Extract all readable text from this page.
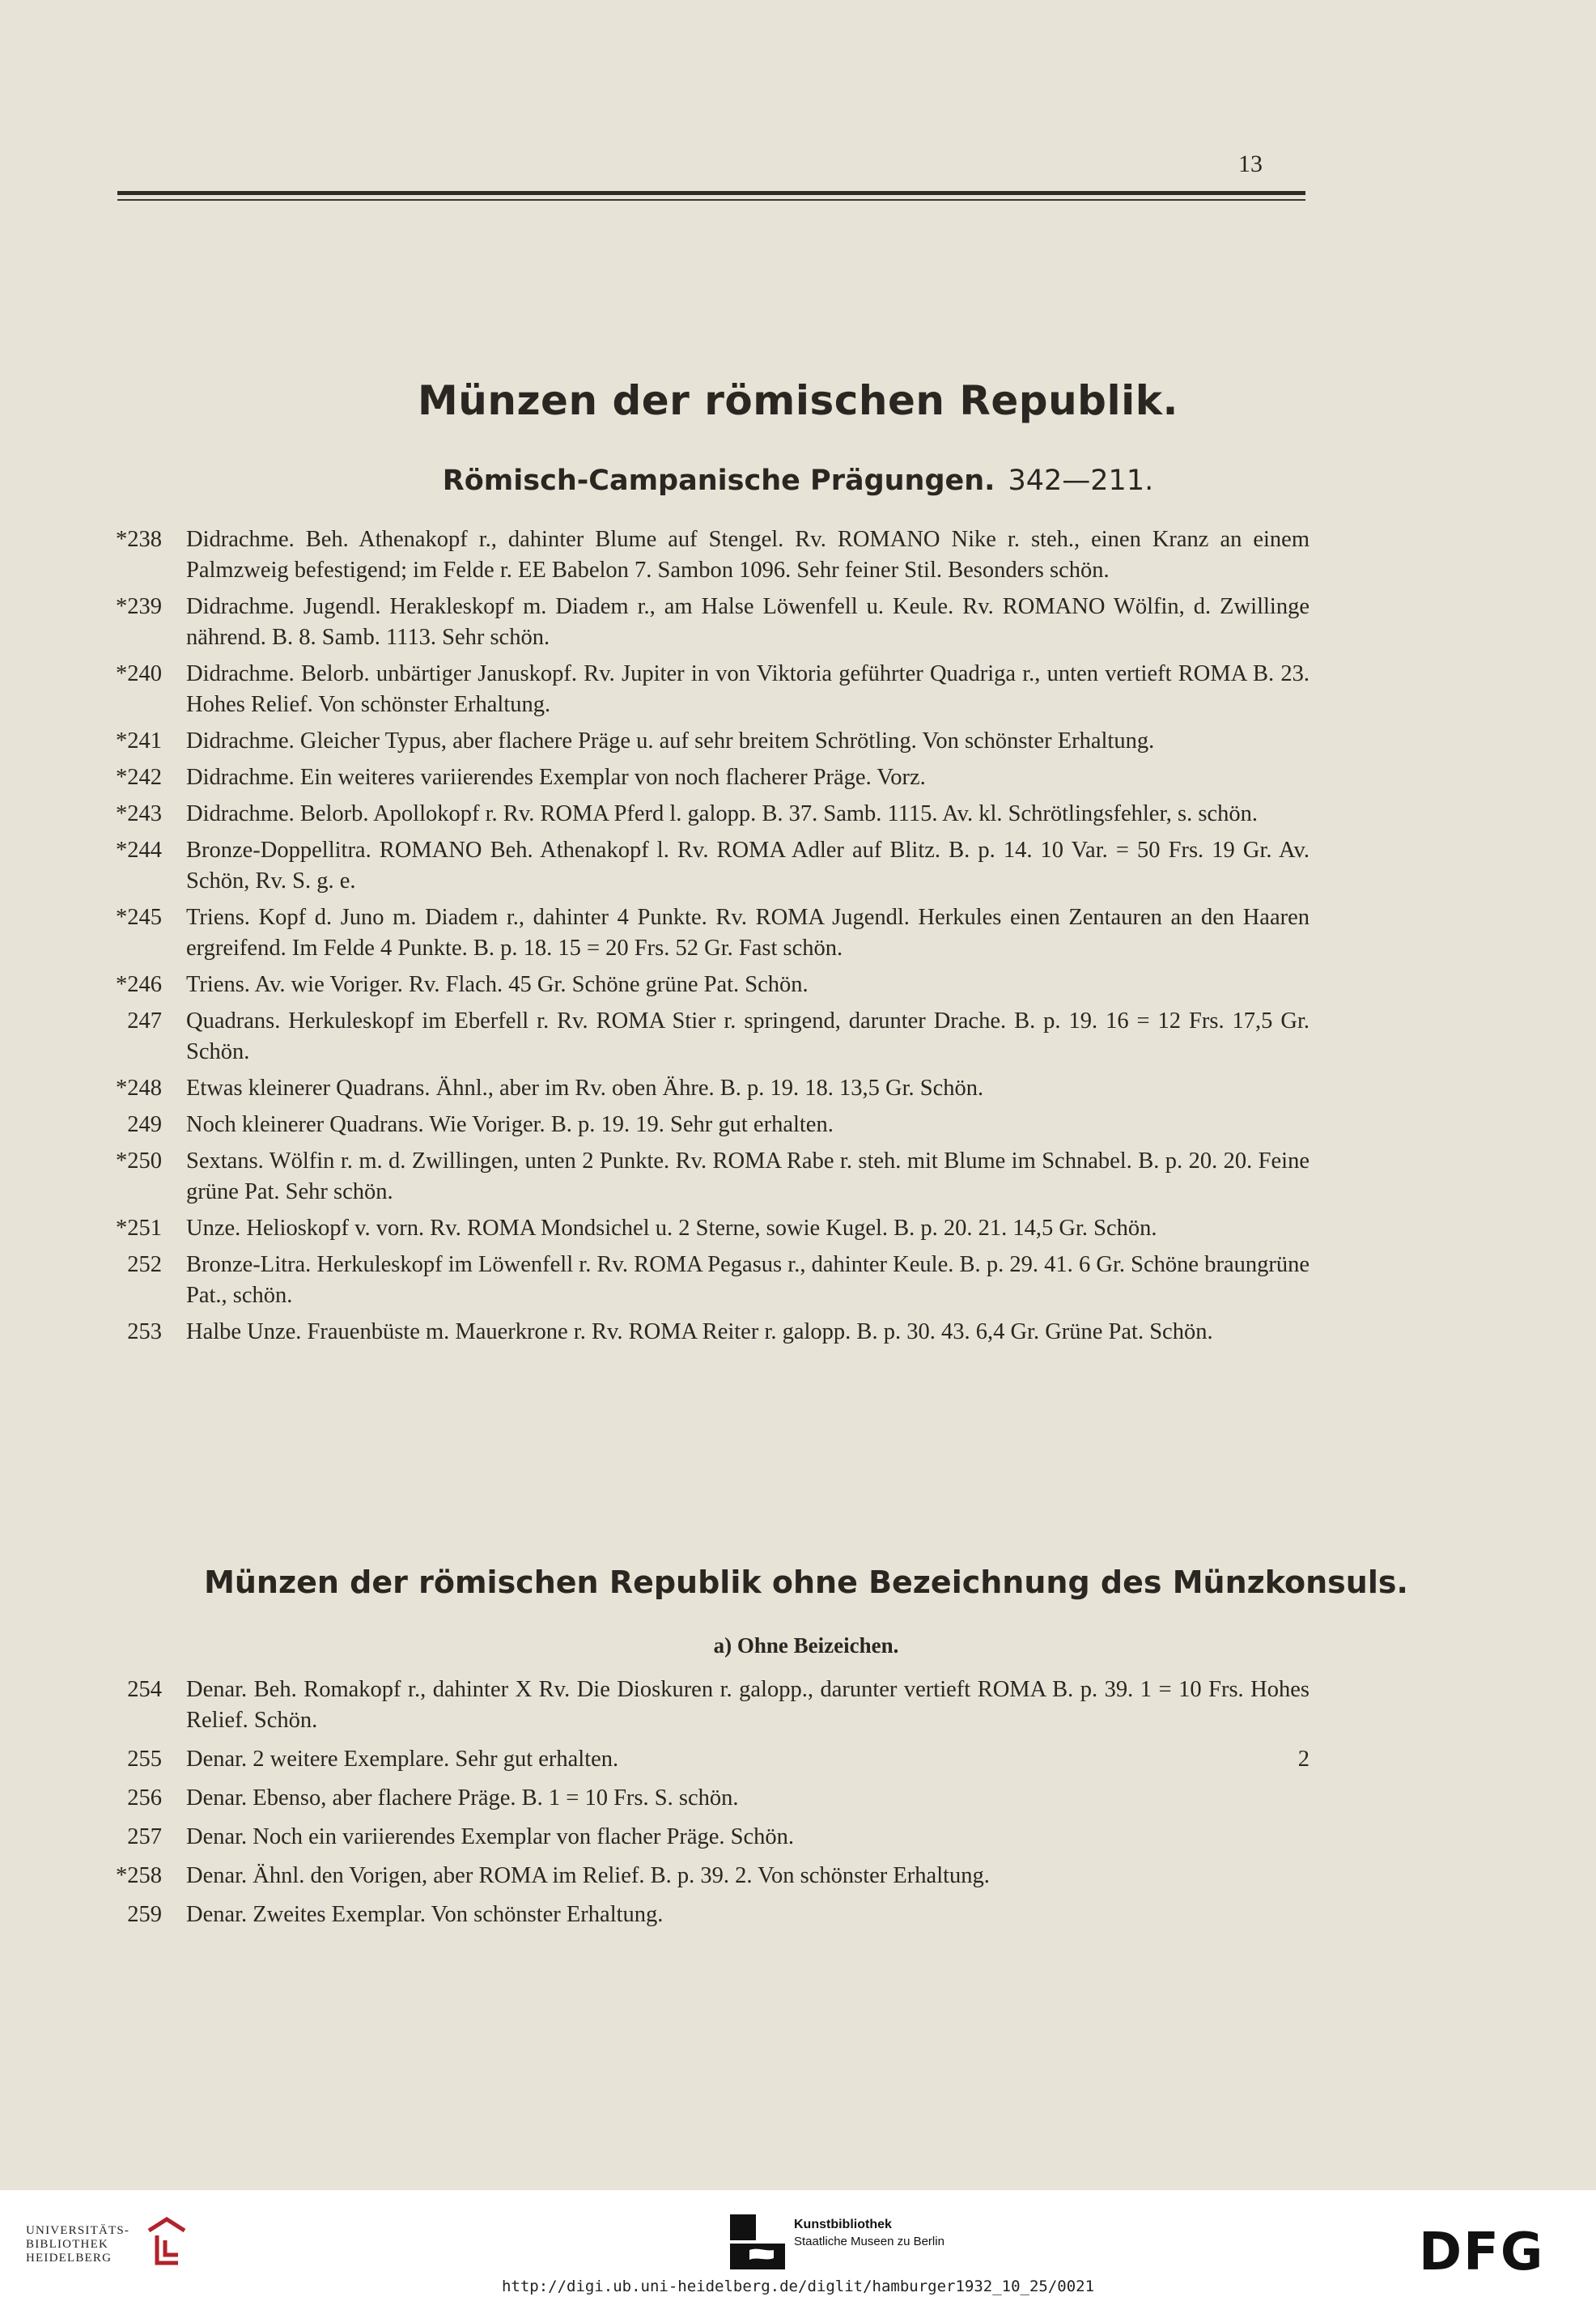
13
Münzen der römischen Republik.
Römisch-Campanische Prägungen. 342—211.
*238 Didrachme. Beh. Athenakopf r., dahinter Blume auf Stengel. Rv. ROMANO Nike r. steh., einen Kranz an einem Palmzweig befestigend; im Felde r. EE Babelon 7. Sambon 1096. Sehr feiner Stil. Besonders schön.
*239 Didrachme. Jugendl. Herakleskopf m. Diadem r., am Halse Löwenfell u. Keule. Rv. ROMANO Wölfin, d. Zwillinge nährend. B. 8. Samb. 1113. Sehr schön.
*240 Didrachme. Belorb. unbärtiger Januskopf. Rv. Jupiter in von Viktoria geführter Quadriga r., unten vertieft ROMA B. 23. Hohes Relief. Von schönster Erhaltung.
*241 Didrachme. Gleicher Typus, aber flachere Präge u. auf sehr breitem Schrötling. Von schönster Erhaltung.
*242 Didrachme. Ein weiteres variierendes Exemplar von noch flacherer Präge. Vorz.
*243 Didrachme. Belorb. Apollokopf r. Rv. ROMA Pferd l. galopp. B. 37. Samb. 1115. Av. kl. Schrötlingsfehler, s. schön.
*244 Bronze-Doppellitra. ROMANO Beh. Athenakopf l. Rv. ROMA Adler auf Blitz. B. p. 14. 10 Var. = 50 Frs. 19 Gr. Av. Schön, Rv. S. g. e.
*245 Triens. Kopf d. Juno m. Diadem r., dahinter 4 Punkte. Rv. ROMA Jugendl. Herkules einen Zentauren an den Haaren ergreifend. Im Felde 4 Punkte. B. p. 18. 15 = 20 Frs. 52 Gr. Fast schön.
*246 Triens. Av. wie Voriger. Rv. Flach. 45 Gr. Schöne grüne Pat. Schön.
247 Quadrans. Herkuleskopf im Eberfell r. Rv. ROMA Stier r. springend, darunter Drache. B. p. 19. 16 = 12 Frs. 17,5 Gr. Schön.
*248 Etwas kleinerer Quadrans. Ähnl., aber im Rv. oben Ähre. B. p. 19. 18. 13,5 Gr. Schön.
249 Noch kleinerer Quadrans. Wie Voriger. B. p. 19. 19. Sehr gut erhalten.
*250 Sextans. Wölfin r. m. d. Zwillingen, unten 2 Punkte. Rv. ROMA Rabe r. steh. mit Blume im Schnabel. B. p. 20. 20. Feine grüne Pat. Sehr schön.
*251 Unze. Helioskopf v. vorn. Rv. ROMA Mondsichel u. 2 Sterne, sowie Kugel. B. p. 20. 21. 14,5 Gr. Schön.
252 Bronze-Litra. Herkuleskopf im Löwenfell r. Rv. ROMA Pegasus r., dahinter Keule. B. p. 29. 41. 6 Gr. Schöne braungrüne Pat., schön.
253 Halbe Unze. Frauenbüste m. Mauerkrone r. Rv. ROMA Reiter r. galopp. B. p. 30. 43. 6,4 Gr. Grüne Pat. Schön.
Münzen der römischen Republik ohne Bezeichnung des Münzkonsuls.
a) Ohne Beizeichen.
254 Denar. Beh. Romakopf r., dahinter X Rv. Die Dioskuren r. galopp., darunter vertieft ROMA B. p. 39. 1 = 10 Frs. Hohes Relief. Schön.
255 Denar. 2 weitere Exemplare. Sehr gut erhalten.	2
256 Denar. Ebenso, aber flachere Präge. B. 1 = 10 Frs. S. schön.
257 Denar. Noch ein variierendes Exemplar von flacher Präge. Schön.
*258 Denar. Ähnl. den Vorigen, aber ROMA im Relief. B. p. 39. 2. Von schönster Erhaltung.
259 Denar. Zweites Exemplar. Von schönster Erhaltung.
UNIVERSITÄTS-
BIBLIOTHEK
HEIDELBERG
Kunstbibliothek
Staatliche Museen zu Berlin	DFG
http://digi.ub.uni-heidelberg.de/diglit/hamburger1932_10_25/0021
